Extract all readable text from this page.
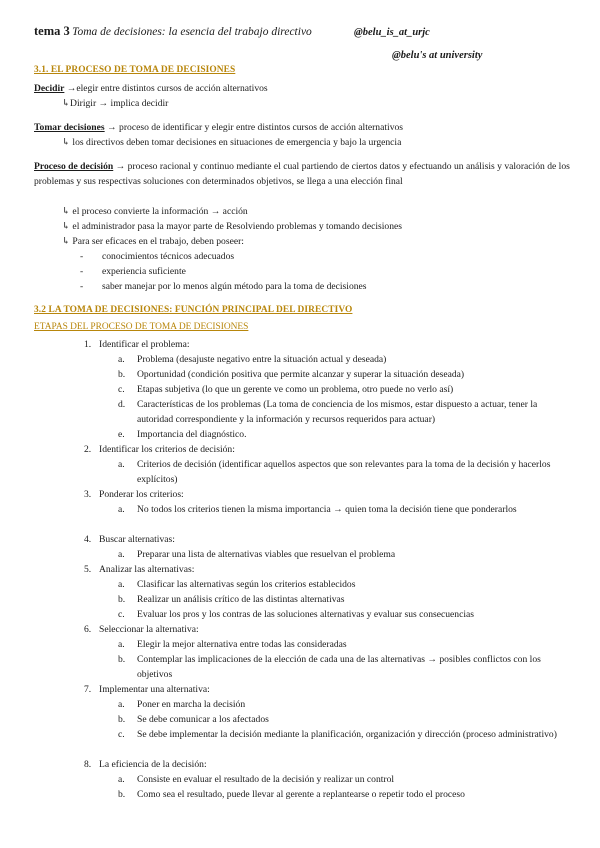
tema 3 Toma de decisiones: la esencia del trabajo directivo	@belu_is_at_urjc
@belu's at university
3.1. EL PROCESO DE TOMA DE DECISIONES
Decidir →elegir entre distintos cursos de acción alternativos
↳Dirigir → implica decidir
Tomar decisiones → proceso de identificar y elegir entre distintos cursos de acción alternativos
↳ los directivos deben tomar decisiones en situaciones de emergencia y bajo la urgencia
Proceso de decisión → proceso racional y continuo mediante el cual partiendo de ciertos datos y efectuando un análisis y valoración de los problemas y sus respectivas soluciones con determinados objetivos, se llega a una elección final
↳ el proceso convierte la información → acción
↳ el administrador pasa la mayor parte de Resolviendo problemas y tomando decisiones
↳ Para ser eficaces en el trabajo, deben poseer:
- conocimientos técnicos adecuados
- experiencia suficiente
- saber manejar por lo menos algún método para la toma de decisiones
3.2 LA TOMA DE DECISIONES: FUNCIÓN PRINCIPAL DEL DIRECTIVO
ETAPAS DEL PROCESO DE TOMA DE DECISIONES
1. Identificar el problema:
a. Problema (desajuste negativo entre la situación actual y deseada)
b. Oportunidad (condición positiva que permite alcanzar y superar la situación deseada)
c. Etapas subjetiva (lo que un gerente ve como un problema, otro puede no verlo así)
d. Características de los problemas (La toma de conciencia de los mismos, estar dispuesto a actuar, tener la autoridad correspondiente y la información y recursos requeridos para actuar)
e. Importancia del diagnóstico.
2. Identificar los criterios de decisión:
a. Criterios de decisión (identificar aquellos aspectos que son relevantes para la toma de la decisión y hacerlos explícitos)
3. Ponderar los criterios:
a. No todos los criterios tienen la misma importancia → quien toma la decisión tiene que ponderarlos
4. Buscar alternativas:
a. Preparar una lista de alternativas viables que resuelvan el problema
5. Analizar las alternativas:
a. Clasificar las alternativas según los criterios establecidos
b. Realizar un análisis crítico de las distintas alternativas
c. Evaluar los pros y los contras de las soluciones alternativas y evaluar sus consecuencias
6. Seleccionar la alternativa:
a. Elegir la mejor alternativa entre todas las consideradas
b. Contemplar las implicaciones de la elección de cada una de las alternativas → posibles conflictos con los objetivos
7. Implementar una alternativa:
a. Poner en marcha la decisión
b. Se debe comunicar a los afectados
c. Se debe implementar la decisión mediante la planificación, organización y dirección (proceso administrativo)
8. La eficiencia de la decisión:
a. Consiste en evaluar el resultado de la decisión y realizar un control
b. Como sea el resultado, puede llevar al gerente a replantearse o repetir todo el proceso
